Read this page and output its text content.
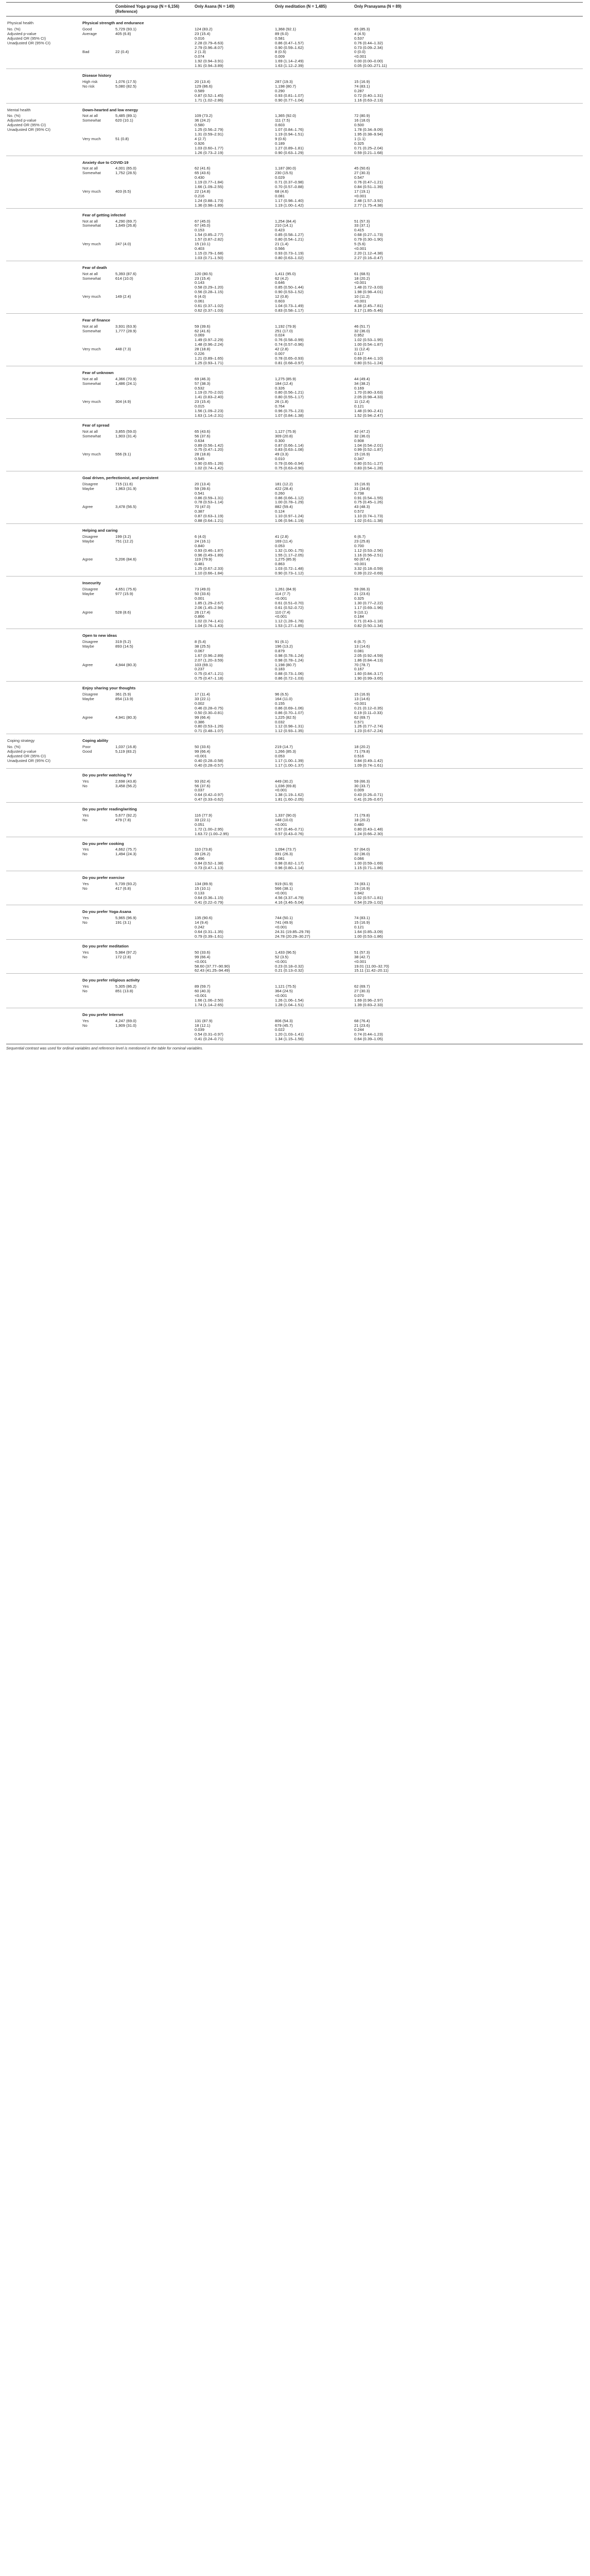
		Combined Yoga group (N = 6,156) (Reference)	Only Asana (N = 149)	Only meditation (N = 1,485)	Only Pranayama (N = 89)
Physical health	Physical strength and endurance				
No. (%)	Good	5,729 (93.1)	124 (83.2)	1,368 (92.1)	65 (85.3)
Adjusted p-value	Average	405 (6.8)	23 (15.4)	89 (6.0)	4 (4.5)
Adjusted OR (95% CI)			0.016	0.581	0.537
Unadjusted OR (95% CI)			2.28 (0.79–6.63)	0.86 (0.47–1.57)	0.76 (0.44–1.32)
			2.79 (0.96–8.07)	0.90 (0.59–1.62)	0.73 (0.09–2.34)
	Bad	22 (0.4)	2 (1.3)	8 (0.5)	0 (0.0)
			0.074	0.009	<0.001
			1.92 (0.94–3.91)	1.69 (1.14–2.49)	0.00 (0.00–0.00)
			1.91 (0.94–3.89)	1.63 (1.12–2.39)	0.05 (0.00–271.11)
	Disease history				
	High risk	1,076 (17.5)	20 (13.4)	287 (19.3)	15 (16.9)
	No risk	5,080 (82.5)	129 (86.6)	1,198 (80.7)	74 (83.1)
			0.589	0.290	0.287
			0.87 (0.52–1.45)	0.93 (0.81–1.07)	0.72 (0.40–1.31)
			1.71 (1.02–2.86)	0.90 (0.77–1.04)	1.16 (0.63–2.13)
Mental health	Down-hearted and low energy				
No. (%)	Not at all	5,485 (89.1)	109 (73.2)	1,365 (92.0)	72 (80.9)
Adjusted p-value	Somewhat	620 (10.1)	36 (24.2)	111 (7.5)	16 (18.0)
Adjusted OR (95% CI)			0.580	0.603	0.500
Unadjusted OR (95% CI)			1.25 (0.56–2.79)	1.07 (0.84–1.76)	1.78 (0.34–9.09)
			1.31 (0.59–2.91)	1.19 (0.94–1.51)	1.95 (0.38–9.94)
	Very much	51 (0.8)	4 (2.7)	9 (0.6)	1 (1.1)
			0.926	0.189	0.325
			1.03 (0.60–1.77)	1.27 (0.89–1.81)	0.71 (0.25–2.04)
			1.26 (0.73–2.19)	0.90 (0.63–1.29)	0.59 (0.21–1.68)
	Anxiety due to COVID-19				
	Not at all	4,001 (65.0)	62 (41.6)	1,187 (80.0)	45 (50.6)
	Somewhat	1,752 (28.5)	65 (43.6)	230 (15.5)	27 (30.3)
			0.430	0.029	0.547
			1.19 (0.77–1.84)	0.71 (0.37–0.98)	0.76 (0.47–1.21)
			1.66 (1.09–2.55)	0.70 (0.57–0.88)	0.84 (0.51–1.39)
	Very much	403 (6.5)	22 (14.8)	68 (4.6)	17 (19.1)
			0.216	0.081	<0.001
			1.24 (0.88–1.73)	1.17 (0.98–1.40)	2.48 (1.57–3.92)
			1.36 (0.98–1.89)	1.19 (1.00–1.42)	2.77 (1.75–4.38)
	Fear of getting infected				
	Not at all	4,290 (69.7)	67 (45.0)	1,254 (84.4)	51 (57.3)
	Somewhat	1,649 (26.8)	67 (45.0)	210 (14.1)	33 (37.1)
			0.153	0.423	0.415
			1.54 (0.85–2.77)	0.85 (0.58–1.27)	0.68 (0.27–1.73)
			1.57 (0.87–2.82)	0.80 (0.54–1.21)	0.79 (0.30–1.90)
	Very much	247 (4.0)	15 (10.1)	21 (1.4)	5 (5.6)
			0.403	0.566	<0.001
			1.15 (0.79–1.68)	0.93 (0.73–1.19)	2.20 (1.12–4.38)
			1.03 (0.71–1.50)	0.80 (0.63–1.02)	2.27 (0.16–0.47)
	Fear of death				
	Not at all	5,393 (87.6)	120 (80.5)	1,411 (95.0)	61 (68.5)
	Somewhat	614 (10.0)	23 (15.4)	62 (4.2)	18 (20.2)
			0.143	0.646	<0.001
			0.58 (0.29–1.20)	0.85 (0.50–1.44)	1.48 (0.72–3.03)
			0.56 (0.28–1.15)	0.90 (0.53–1.52)	1.98 (0.98–4.01)
	Very much	149 (2.4)	6 (4.0)	12 (0.8)	10 (11.2)
			0.061	0.603	<0.001
			0.61 (0.37–1.02)	1.04 (0.73–1.49)	4.38 (2.45–7.81)
			0.62 (0.37–1.03)	0.83 (0.58–1.17)	3.17 (1.85–5.46)
	Fear of finance				
	Not at all	3,931 (63.9)	59 (39.6)	1,192 (79.9)	46 (51.7)
	Somewhat	1,777 (28.9)	62 (41.6)	251 (17.0)	32 (36.0)
			0.069	0.024	0.952
			1.49 (0.97–2.29)	0.76 (0.58–0.99)	1.02 (0.53–1.95)
			1.48 (0.96–2.24)	0.74 (0.57–0.96)	1.00 (0.54–1.87)
	Very much	448 (7.3)	28 (18.8)	42 (2.8)	11 (12.4)
			0.226	0.007	0.117
			1.21 (0.89–1.65)	0.78 (0.65–0.93)	0.69 (0.44–1.10)
			1.25 (0.93–1.71)	0.81 (0.68–0.97)	0.80 (0.51–1.24)
	Fear of unknown				
	Not at all	4,366 (70.9)	69 (46.3)	1,275 (85.9)	44 (49.4)
	Somewhat	1,486 (24.1)	57 (38.3)	184 (12.4)	34 (38.2)
			0.532	0.326	0.169
			1.19 (0.70–2.02)	0.80 (0.56–1.21)	1.70 (0.80–3.63)
			1.41 (0.83–2.40)	0.80 (0.55–1.17)	2.05 (0.98–4.33)
	Very much	304 (4.9)	23 (15.4)	26 (1.8)	11 (12.4)
			0.015	0.764	0.121
			1.56 (1.09–2.23)	0.96 (0.75–1.23)	1.48 (0.90–2.41)
			1.63 (1.14–2.31)	1.07 (0.84–1.38)	1.52 (0.94–2.47)
	Fear of spread				
	Not at all	3,855 (59.0)	65 (43.6)	1,127 (75.9)	42 (47.2)
	Somewhat	1,903 (31.4)	56 (37.6)	309 (20.8)	32 (36.0)
			0.634	0.300	0.908
			0.89 (0.56–1.42)	0.87 (0.66–1.14)	1.04 (0.54–2.01)
			0.75 (0.47–1.20)	0.83 (0.63–1.08)	0.99 (0.52–1.87)
	Very much	556 (9.1)	28 (18.8)	49 (3.3)	15 (16.9)
			0.545	0.010	0.347
			0.90 (0.65–1.26)	0.79 (0.66–0.94)	0.80 (0.51–1.27)
			1.02 (0.74–1.42)	0.75 (0.63–0.90)	0.83 (0.54–1.28)
	Goal driven, perfectionist, and persistent				
	Disagree	715 (11.6)	20 (13.4)	181 (12.2)	15 (16.9)
	Maybe	1,963 (31.9)	59 (39.6)	422 (28.4)	31 (34.8)
			0.541	0.260	0.738
			0.86 (0.59–1.31)	0.86 (0.66–1.12)	0.91 (0.54–1.55)
			0.78 (0.53–1.14)	1.00 (0.78–1.29)	0.75 (0.45–1.26)
	Agree	3,478 (56.5)	70 (47.0)	882 (59.4)	43 (48.3)
			0.387	0.124	0.572
			0.87 (0.63–1.19)	1.10 (0.97–1.24)	1.10 (0.74–1.73)
			0.88 (0.64–1.21)	1.06 (0.94–1.19)	1.02 (0.61–1.38)
	Helping and caring				
	Disagree	199 (3.2)	6 (4.0)	41 (2.8)	6 (6.7)
	Maybe	751 (12.2)	24 (16.1)	169 (11.4)	23 (25.8)
			0.840	0.053	0.700
			0.93 (0.46–1.87)	1.32 (1.00–1.75)	1.12 (0.53–2.56)
			0.96 (0.49–1.89)	1.55 (1.17–2.05)	1.16 (0.56–2.51)
	Agree	5,206 (84.6)	119 (79.9)	1,275 (85.9)	60 (67.4)
			0.481	0.863	<0.001
			1.25 (0.67–2.33)	1.03 (0.72–1.48)	3.32 (0.18–0.59)
			1.10 (0.66–1.84)	0.90 (0.73–1.12)	0.39 (0.22–0.69)
	Insecurity				
	Disagree	4,651 (75.6)	73 (49.0)	1,261 (84.9)	59 (66.3)
	Maybe	977 (15.9)	50 (33.6)	114 (7.7)	21 (23.6)
			0.001	<0.001	0.325
			1.85 (1.29–2.67)	0.61 (0.51–0.70)	1.30 (0.77–2.22)
			2.06 (1.45–2.94)	0.61 (0.52–0.72)	1.17 (0.69–1.96)
	Agree	528 (8.6)	26 (17.4)	110 (7.4)	9 (10.1)
			0.866	<0.001	0.184
			1.02 (0.74–1.41)	1.12 (1.28–1.78)	0.71 (0.43–1.18)
			1.04 (0.76–1.43)	1.53 (1.27–1.85)	0.82 (0.50–1.34)
	Open to new ideas				
	Disagree	319 (5.2)	8 (5.4)	91 (6.1)	6 (6.7)
	Maybe	893 (14.5)	38 (25.5)	196 (13.2)	13 (14.6)
			0.067	0.879	0.081
			1.67 (0.96–2.89)	0.98 (0.78–1.24)	2.05 (0.92–4.59)
			2.07 (1.20–3.59)	0.98 (0.78–1.24)	1.86 (0.84–4.13)
	Agree	4,944 (80.3)	103 (69.1)	1,198 (80.7)	70 (78.7)
			0.237	0.183	0.167
			0.75 (0.47–1.21)	0.88 (0.73–1.06)	1.60 (0.84–3.17)
			0.75 (0.47–1.18)	0.86 (0.72–1.03)	1.90 (0.99–3.65)
	Enjoy sharing your thoughts				
	Disagree	361 (5.9)	17 (11.4)	96 (6.5)	15 (16.9)
	Maybe	854 (13.9)	33 (22.1)	164 (11.0)	13 (14.6)
			0.002	0.155	<0.001
			0.46 (0.28–0.75)	0.86 (0.69–1.06)	0.21 (0.12–0.35)
			0.50 (0.30–0.81)	0.86 (0.70–1.07)	0.19 (0.11–0.33)
	Agree	4,941 (80.3)	99 (66.4)	1,225 (82.5)	62 (69.7)
			0.386	0.032	0.571
			0.80 (0.53–1.26)	1.12 (0.98–1.31)	1.26 (0.77–2.74)
			0.71 (0.48–1.07)	1.12 (0.93–1.35)	1.23 (0.67–2.24)
Coping strategy	Coping ability				
No. (%)	Poor	1,037 (16.8)	50 (33.6)	219 (14.7)	18 (20.2)
Adjusted p-value	Good	5,119 (83.2)	99 (66.4)	1,266 (85.3)	71 (79.8)
Adjusted OR (95% CI)			<0.001	0.053	0.516
Unadjusted OR (95% CI)			0.40 (0.28–0.58)	1.17 (1.00–1.39)	0.84 (0.49–1.42)
			0.40 (0.28–0.57)	1.17 (1.00–1.37)	1.09 (0.74–1.61)
	Do you prefer watching TV				
	Yes	2,698 (43.8)	93 (62.4)	449 (30.2)	59 (66.3)
	No	3,458 (56.2)	56 (37.6)	1,036 (69.8)	30 (33.7)
			0.037	<0.001	0.009
			0.64 (0.42–0.97)	1.38 (1.19–1.62)	0.43 (0.26–0.71)
			0.47 (0.33–0.62)	1.81 (1.60–2.05)	0.41 (0.26–0.67)
	Do you prefer reading/writing				
	Yes	5,677 (92.2)	116 (77.9)	1,337 (90.0)	71 (79.8)
	No	479 (7.8)	33 (22.1)	148 (10.0)	18 (20.2)
			0.051	<0.001	0.480
			1.72 (1.00–2.95)	0.57 (0.46–0.71)	0.80 (0.43–1.48)
			1.63.72 (1.00–2.95)	0.57 (0.43–0.76)	1.24 (0.66–2.30)
	Do you prefer cooking				
	Yes	4,662 (75.7)	110 (73.8)	1,094 (73.7)	57 (64.0)
	No	1,494 (24.3)	39 (26.2)	391 (26.3)	32 (36.0)
			0.496	0.081	0.066
			0.84 (0.52–1.38)	0.98 (0.82–1.17)	1.00 (0.59–1.69)
			0.73 (0.47–1.13)	0.96 (0.80–1.14)	1.15 (0.71–1.86)
	Do you prefer exercise				
	Yes	5,739 (93.2)	134 (89.9)	919 (61.9)	74 (83.1)
	No	417 (6.8)	15 (10.1)	566 (38.1)	15 (16.9)
			0.133	<0.001	0.942
			0.64 (0.36–1.15)	4.56 (3.37–4.79)	1.02 (0.57–1.81)
			0.41 (0.22–0.79)	4.16 (3.46–5.04)	0.54 (0.29–1.02)
	Do you prefer Yoga-Asana				
	Yes	5,965 (96.9)	135 (90.6)	744 (50.1)	74 (83.1)
	No	191 (3.1)	14 (9.4)	741 (49.9)	15 (16.9)
			0.242	<0.001	0.121
			0.64 (0.31–1.35)	24.31 (19.85–29.78)	1.64 (0.85–3.09)
			0.79 (0.39–1.61)	24.78 (20.29–30.27)	1.00 (0.53–1.86)
	Do you prefer meditation				
	Yes	5,984 (97.2)	50 (33.6)	1,433 (96.5)	51 (57.3)
	No	172 (2.8)	99 (66.4)	52 (3.5)	38 (42.7)
			<0.001	<0.001	<0.001
			58.60 (37.77–90.90)	0.23 (0.18–0.32)	19.01 (11.00–32.70)
			62.43 (41.25–94.49)	0.21 (0.13–0.32)	15.11 (11.42–20.11)
	Do you prefer religious activity				
	Yes	5,305 (86.2)	89 (59.7)	1,121 (75.5)	62 (69.7)
	No	851 (13.8)	60 (40.3)	364 (24.5)	27 (30.3)
			<0.001	<0.001	0.070
			1.66 (1.06–2.50)	1.26 (1.06–1.54)	1.69 (0.96–2.97)
			1.74 (1.14–2.65)	1.28 (1.04–1.51)	1.39 (0.83–2.33)
	Do you prefer Internet				
	Yes	4,247 (69.0)	131 (87.9)	806 (54.3)	68 (76.4)
	No	1,909 (31.0)	18 (12.1)	679 (45.7)	21 (23.6)
			0.039	0.022	0.244
			0.54 (0.31–0.97)	1.20 (1.03–1.41)	0.74 (0.44–1.23)
			0.41 (0.24–0.71)	1.34 (1.15–1.56)	0.64 (0.39–1.05)
Sequential contrast was used for ordinal variables and reference level is mentioned in the table for nominal variables.
